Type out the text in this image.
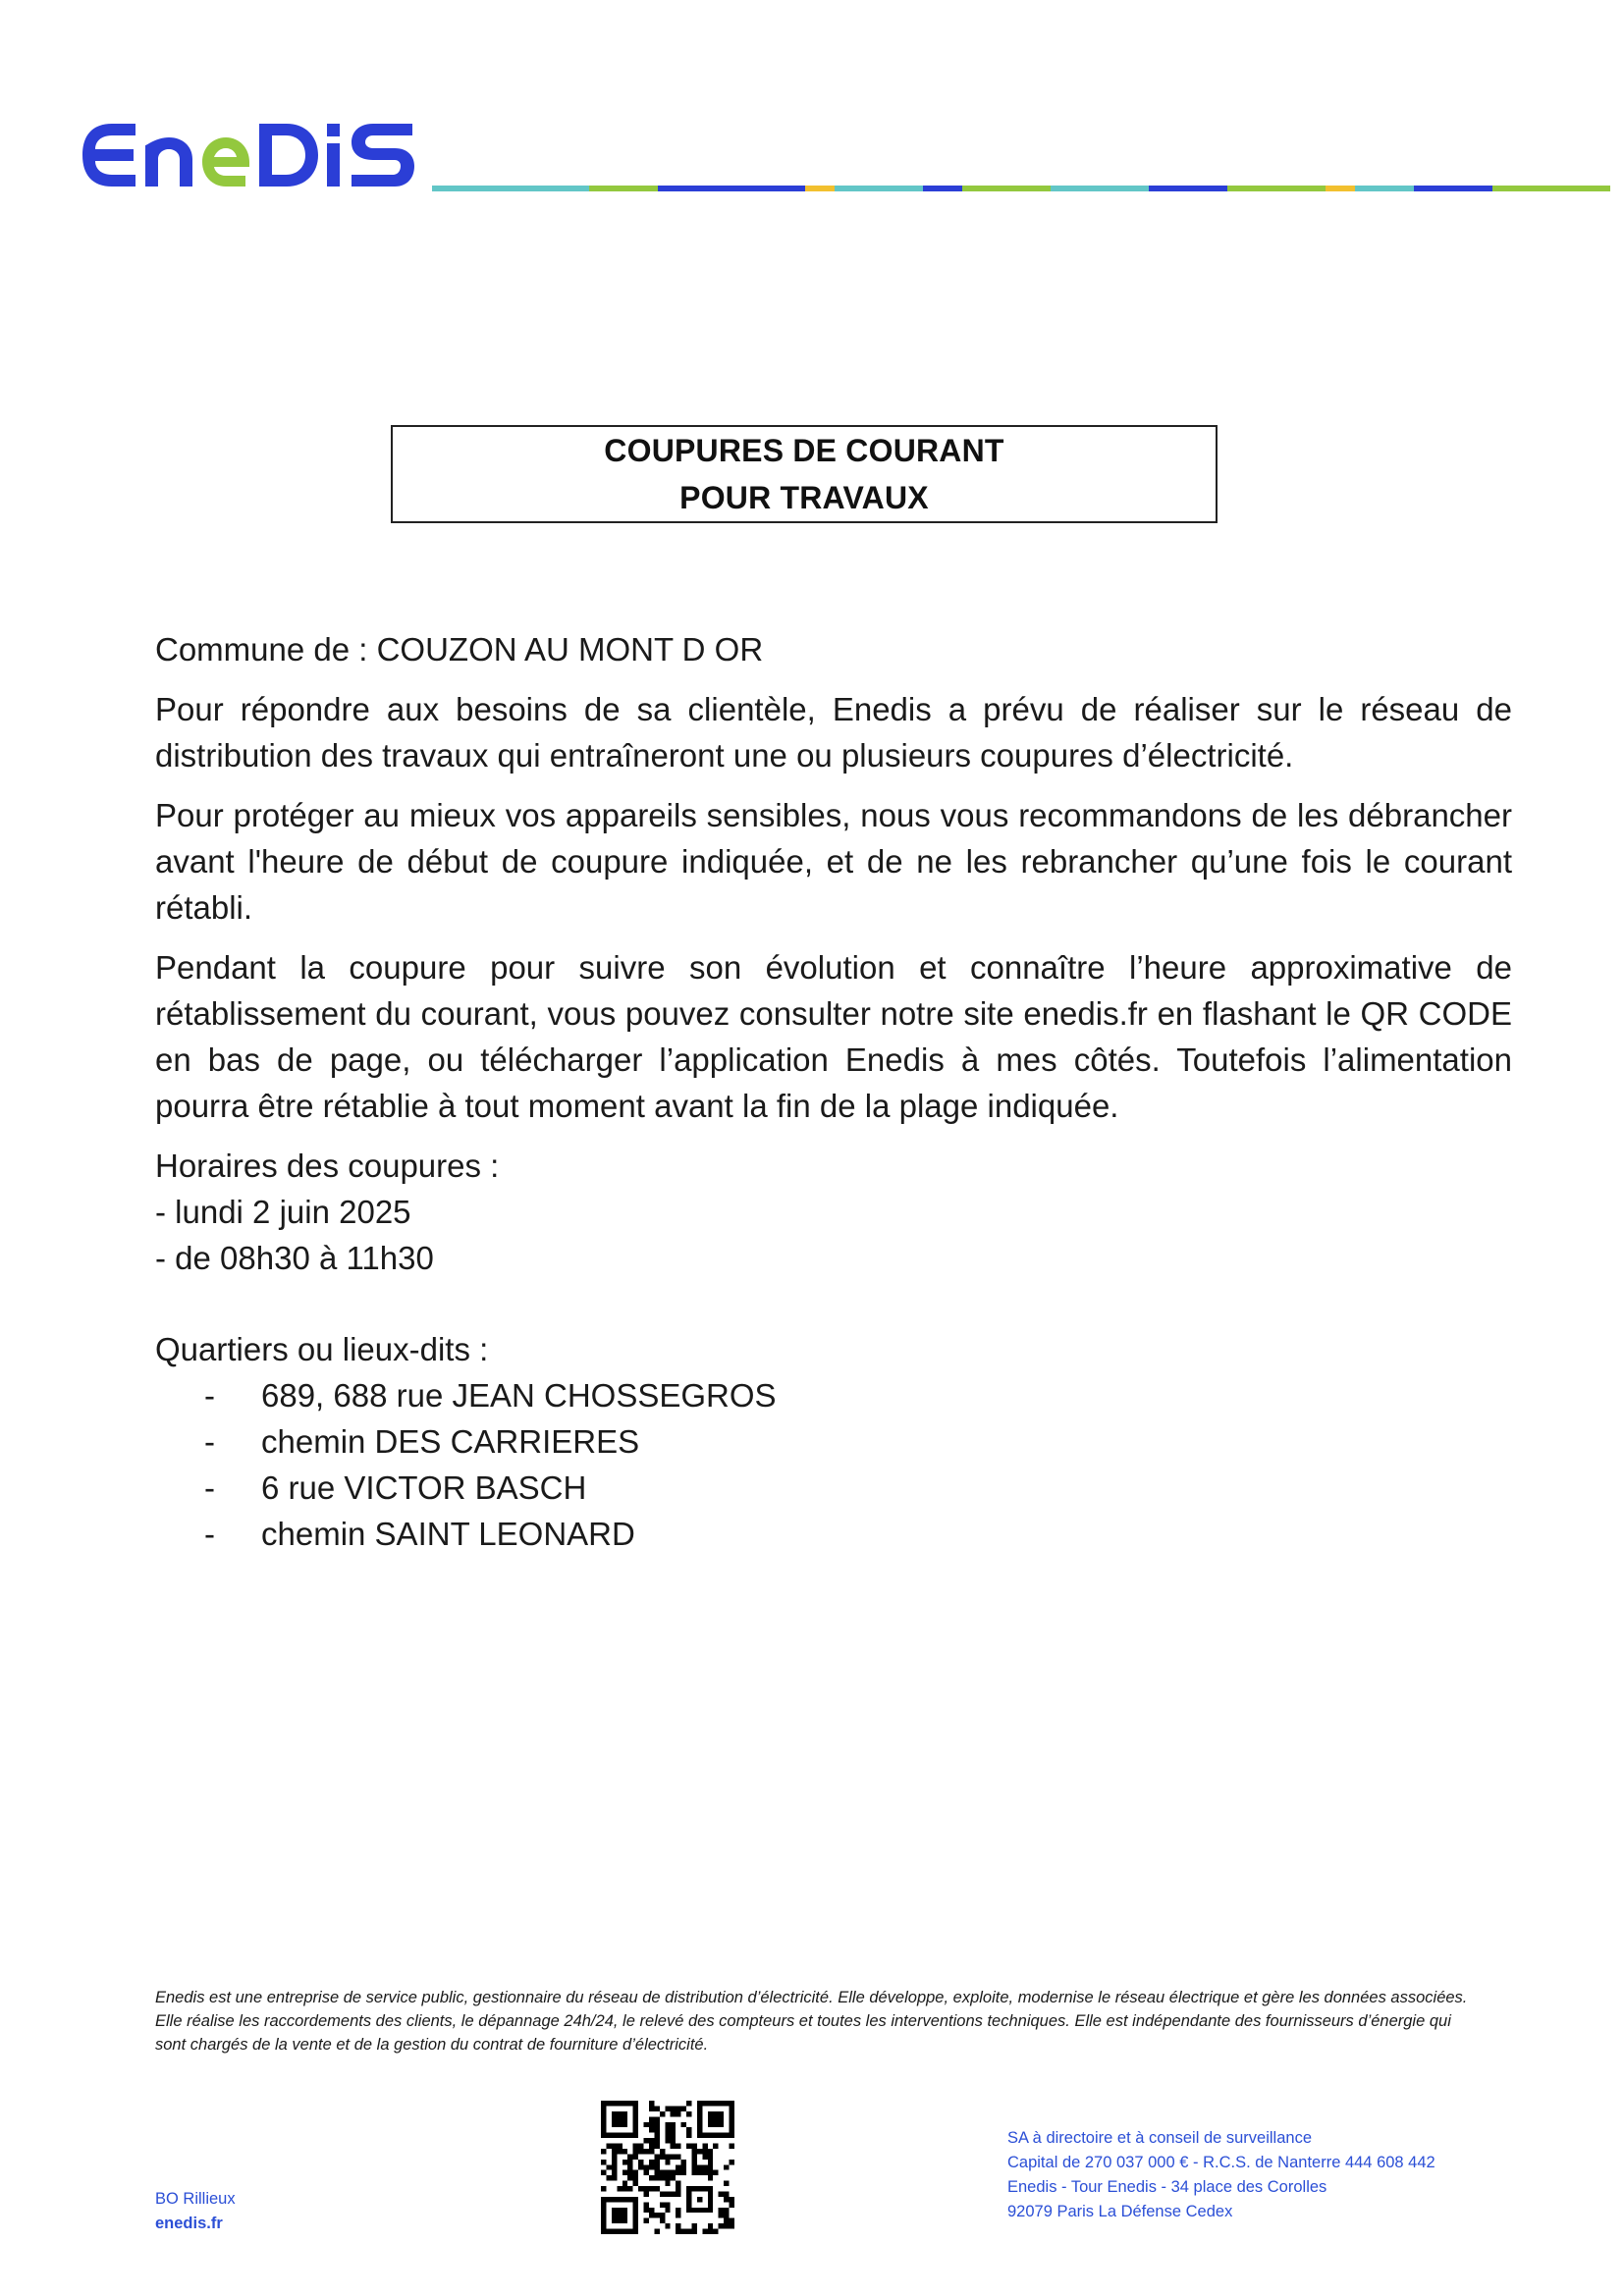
COUPURES DE COURANT
POUR TRAVAUX

Commune de : COUZON AU MONT D OR

Pour répondre aux besoins de sa clientèle, Enedis a prévu de réaliser sur le réseau de distribution des travaux qui entraîneront une ou plusieurs coupures d’électricité.

Pour protéger au mieux vos appareils sensibles, nous vous recommandons de les débrancher avant l'heure de début de coupure indiquée, et de ne les rebrancher qu’une fois le courant rétabli.

Pendant la coupure pour suivre son évolution et connaître l’heure approximative de rétablissement du courant, vous pouvez consulter notre site enedis.fr en flashant le QR CODE en bas de page, ou télécharger l’application Enedis à mes côtés. Toutefois l’alimentation pourra être rétablie à tout moment avant la fin de la plage indiquée.

Horaires des coupures :

- lundi 2 juin 2025

- de 08h30 à 11h30

Quartiers ou lieux-dits :

-	689, 688 rue JEAN CHOSSEGROS
-	chemin DES CARRIERES
-	6 rue VICTOR BASCH
-	chemin SAINT LEONARD
Enedis est une entreprise de service public, gestionnaire du réseau de distribution d’électricité. Elle développe, exploite, modernise le réseau électrique et gère les données associées. Elle réalise les raccordements des clients, le dépannage 24h/24, le relevé des compteurs et toutes les interventions techniques. Elle est indépendante des fournisseurs d’énergie qui sont chargés de la vente et de la gestion du contrat de fourniture d’électricité.
BO Rillieux
enedis.fr
SA à directoire et à conseil de surveillance
Capital de 270 037 000 € - R.C.S. de Nanterre 444 608 442
Enedis - Tour Enedis - 34 place des Corolles
92079 Paris La Défense Cedex
